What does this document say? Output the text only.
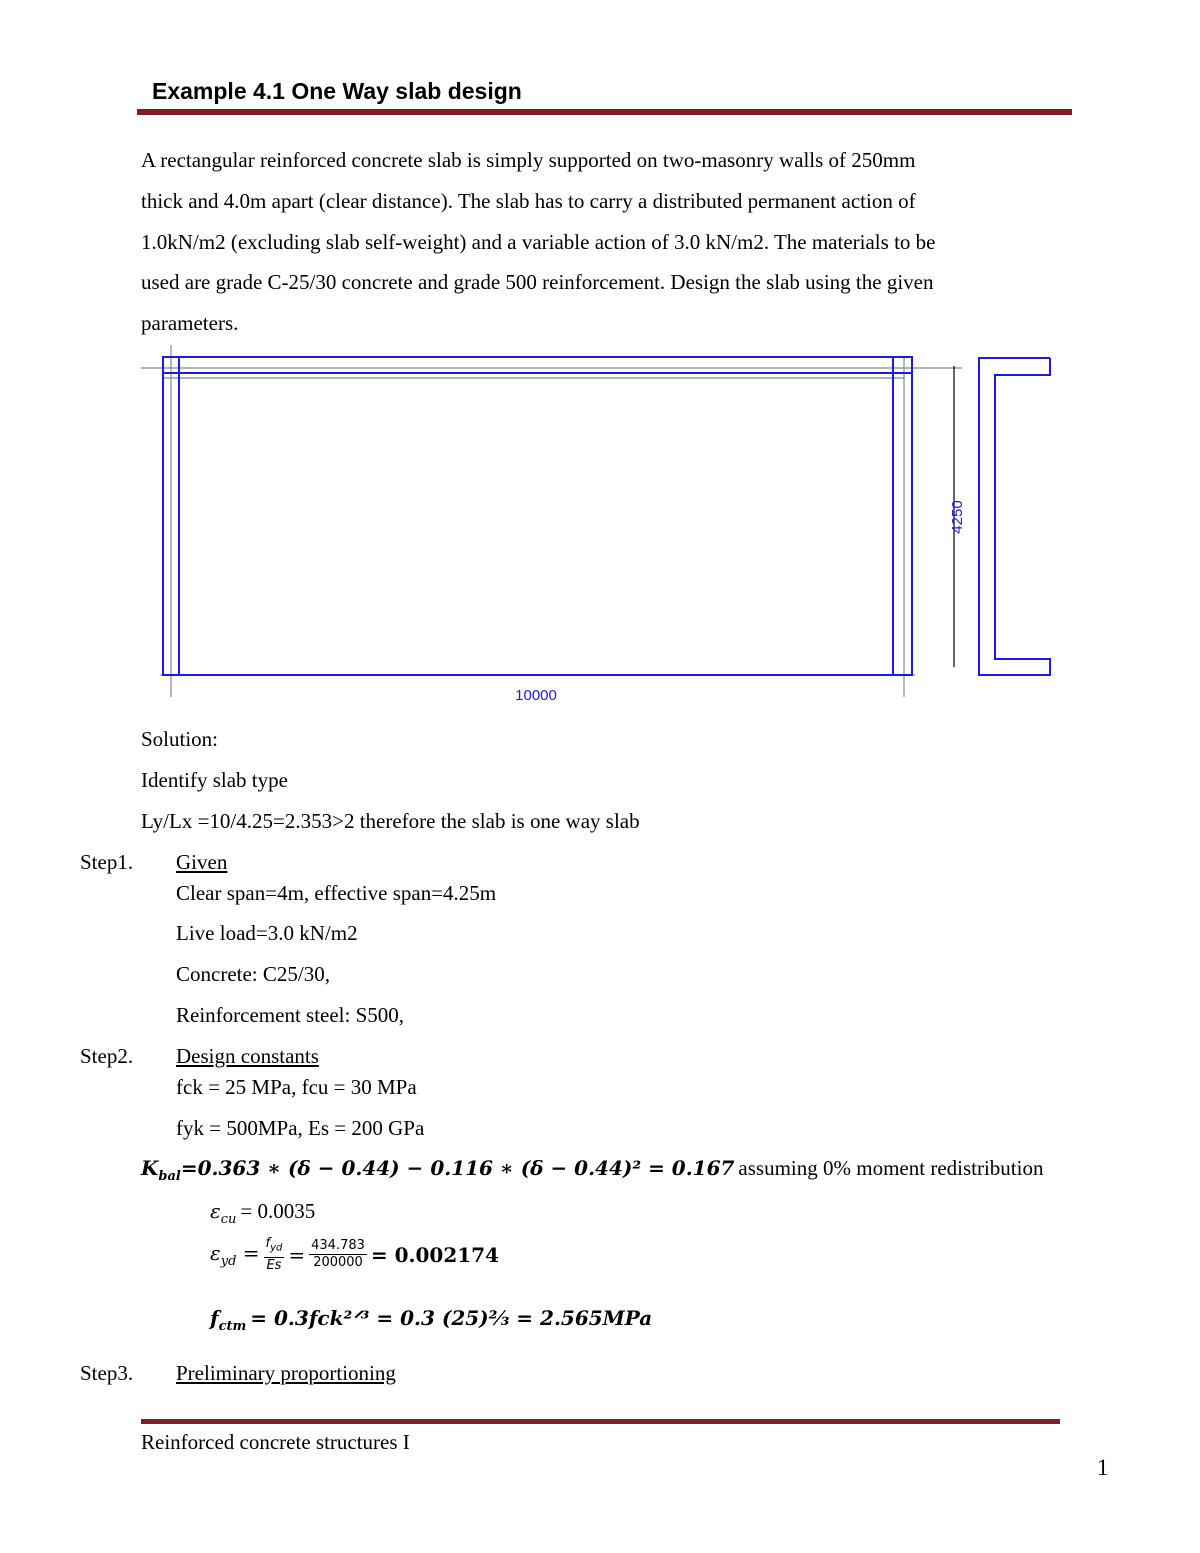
Example 4.1 One Way slab design
A rectangular reinforced concrete slab is simply supported on two-masonry walls of 250mm
thick and 4.0m apart (clear distance). The slab has to carry a distributed permanent action of
1.0kN/m2 (excluding slab self-weight) and a variable action of 3.0 kN/m2. The materials to be
used are grade C-25/30 concrete and grade 500 reinforcement. Design the slab using the given
parameters.
4250
10000
Solution:
Identify slab type
Ly/Lx =10/4.25=2.353>2 therefore the slab is one way slab
Step1. Given
Clear span=4m, effective span=4.25m
Live load=3.0 kN/m2
Concrete: C25/30,
Reinforcement steel: S500,
Step2. Design constants
fck = 25 MPa, fcu = 30 MPa
fyk = 500MPa, Es = 200 GPa
$K_{bal}=0.363$ ∗ (δ − 0.44) − 0.116 ∗ (δ − 0.44)² = 0.167 assuming 0% moment redistribution
$\varepsilon_{cu} = 0.0035$
$\varepsilon_{yd} = \frac{f_{yd}}{Es} = \frac{434.783}{200000} = 0.002174$
$f_{ctm}$ = 0.3fck²ᐟ³ = 0.3 (25)⅔ = 2.565MPa
Step3. Preliminary proportioning
Reinforced concrete structures I
1
